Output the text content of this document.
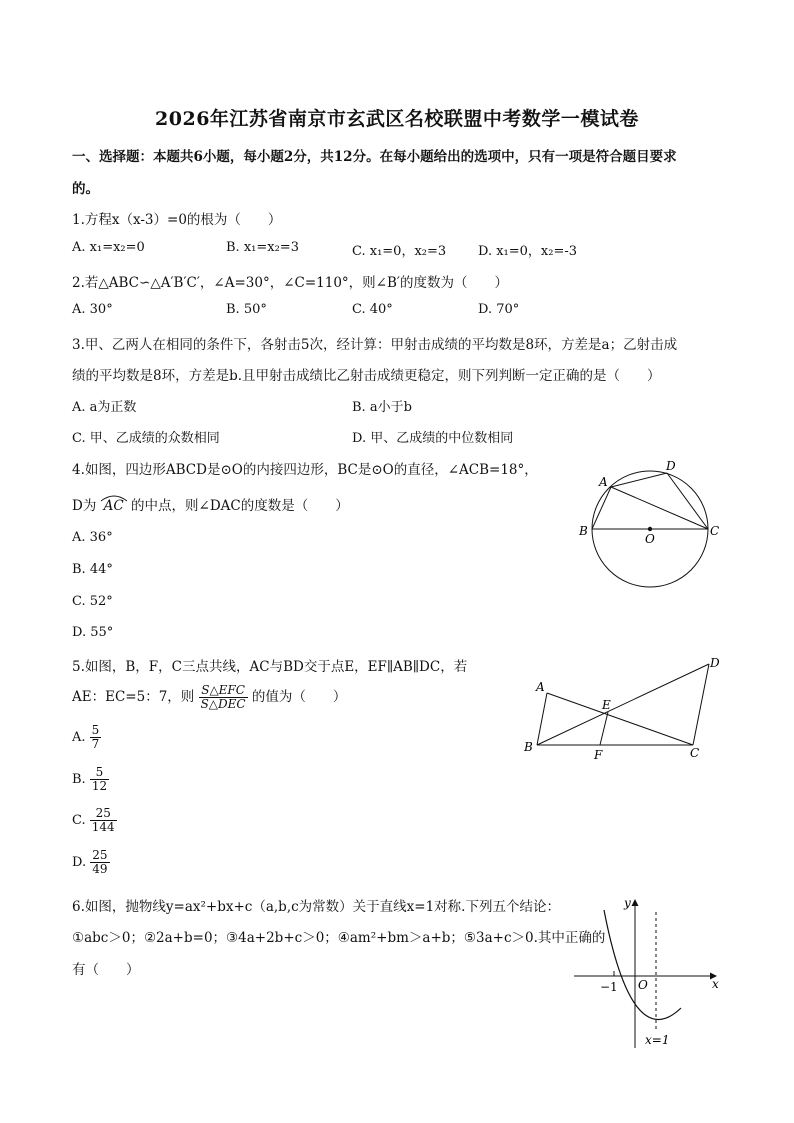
2026年江苏省南京市玄武区名校联盟中考数学一模试卷
一、选择题：本题共6小题，每小题2分，共12分。在每小题给出的选项中，只有一项是符合题目要求
的。
1.方程x（x-3）=0的根为（　　）
A. x₁=x₂=0	B. x₁=x₂=3	C. x₁=0，x₂=3 D. x₁=0，x₂=-3
2.若△ABC∽△A′B′C′，∠A=30°，∠C=110°，则∠B′的度数为（　　）
A. 30°	B. 50°	C. 40°	D. 70°
3.甲、乙两人在相同的条件下，各射击5次，经计算：甲射击成绩的平均数是8环，方差是a；乙射击成
绩的平均数是8环，方差是b.且甲射击成绩比乙射击成绩更稳定，则下列判断一定正确的是（　　）
A. a为正数	B. a小于b
C. 甲、乙成绩的众数相同	D. 甲、乙成绩的中位数相同
4.如图，四边形ABCD是⊙O的内接四边形，BC是⊙O的直径，∠ACB=18°，
D为 AC 的中点，则∠DAC的度数是（　　）
A. 36°
B. 44°
C. 52°
D. 55°
A
D
B	C
O
5.如图，B，F，C三点共线，AC与BD交于点E，EF∥AB∥DC，若
AE：EC=5：7，则 $\frac{\text{S△EFC}}{\text{S△DEC}}$ 的值为（　　）
A. $\frac{5}{7}$
B. $\frac{5}{12}$
C. $\frac{25}{144}$
D. $\frac{25}{49}$
A
B	C
D
E
F
6.如图，抛物线y=ax²+bx+c（a,b,c为常数）关于直线x=1对称.下列五个结论：
①abc＞0；②2a+b=0；③4a+2b+c＞0；④am²+bm＞a+b；⑤3a+c＞0.其中正确的
有（　　）
y
x
O
−1
x=1
